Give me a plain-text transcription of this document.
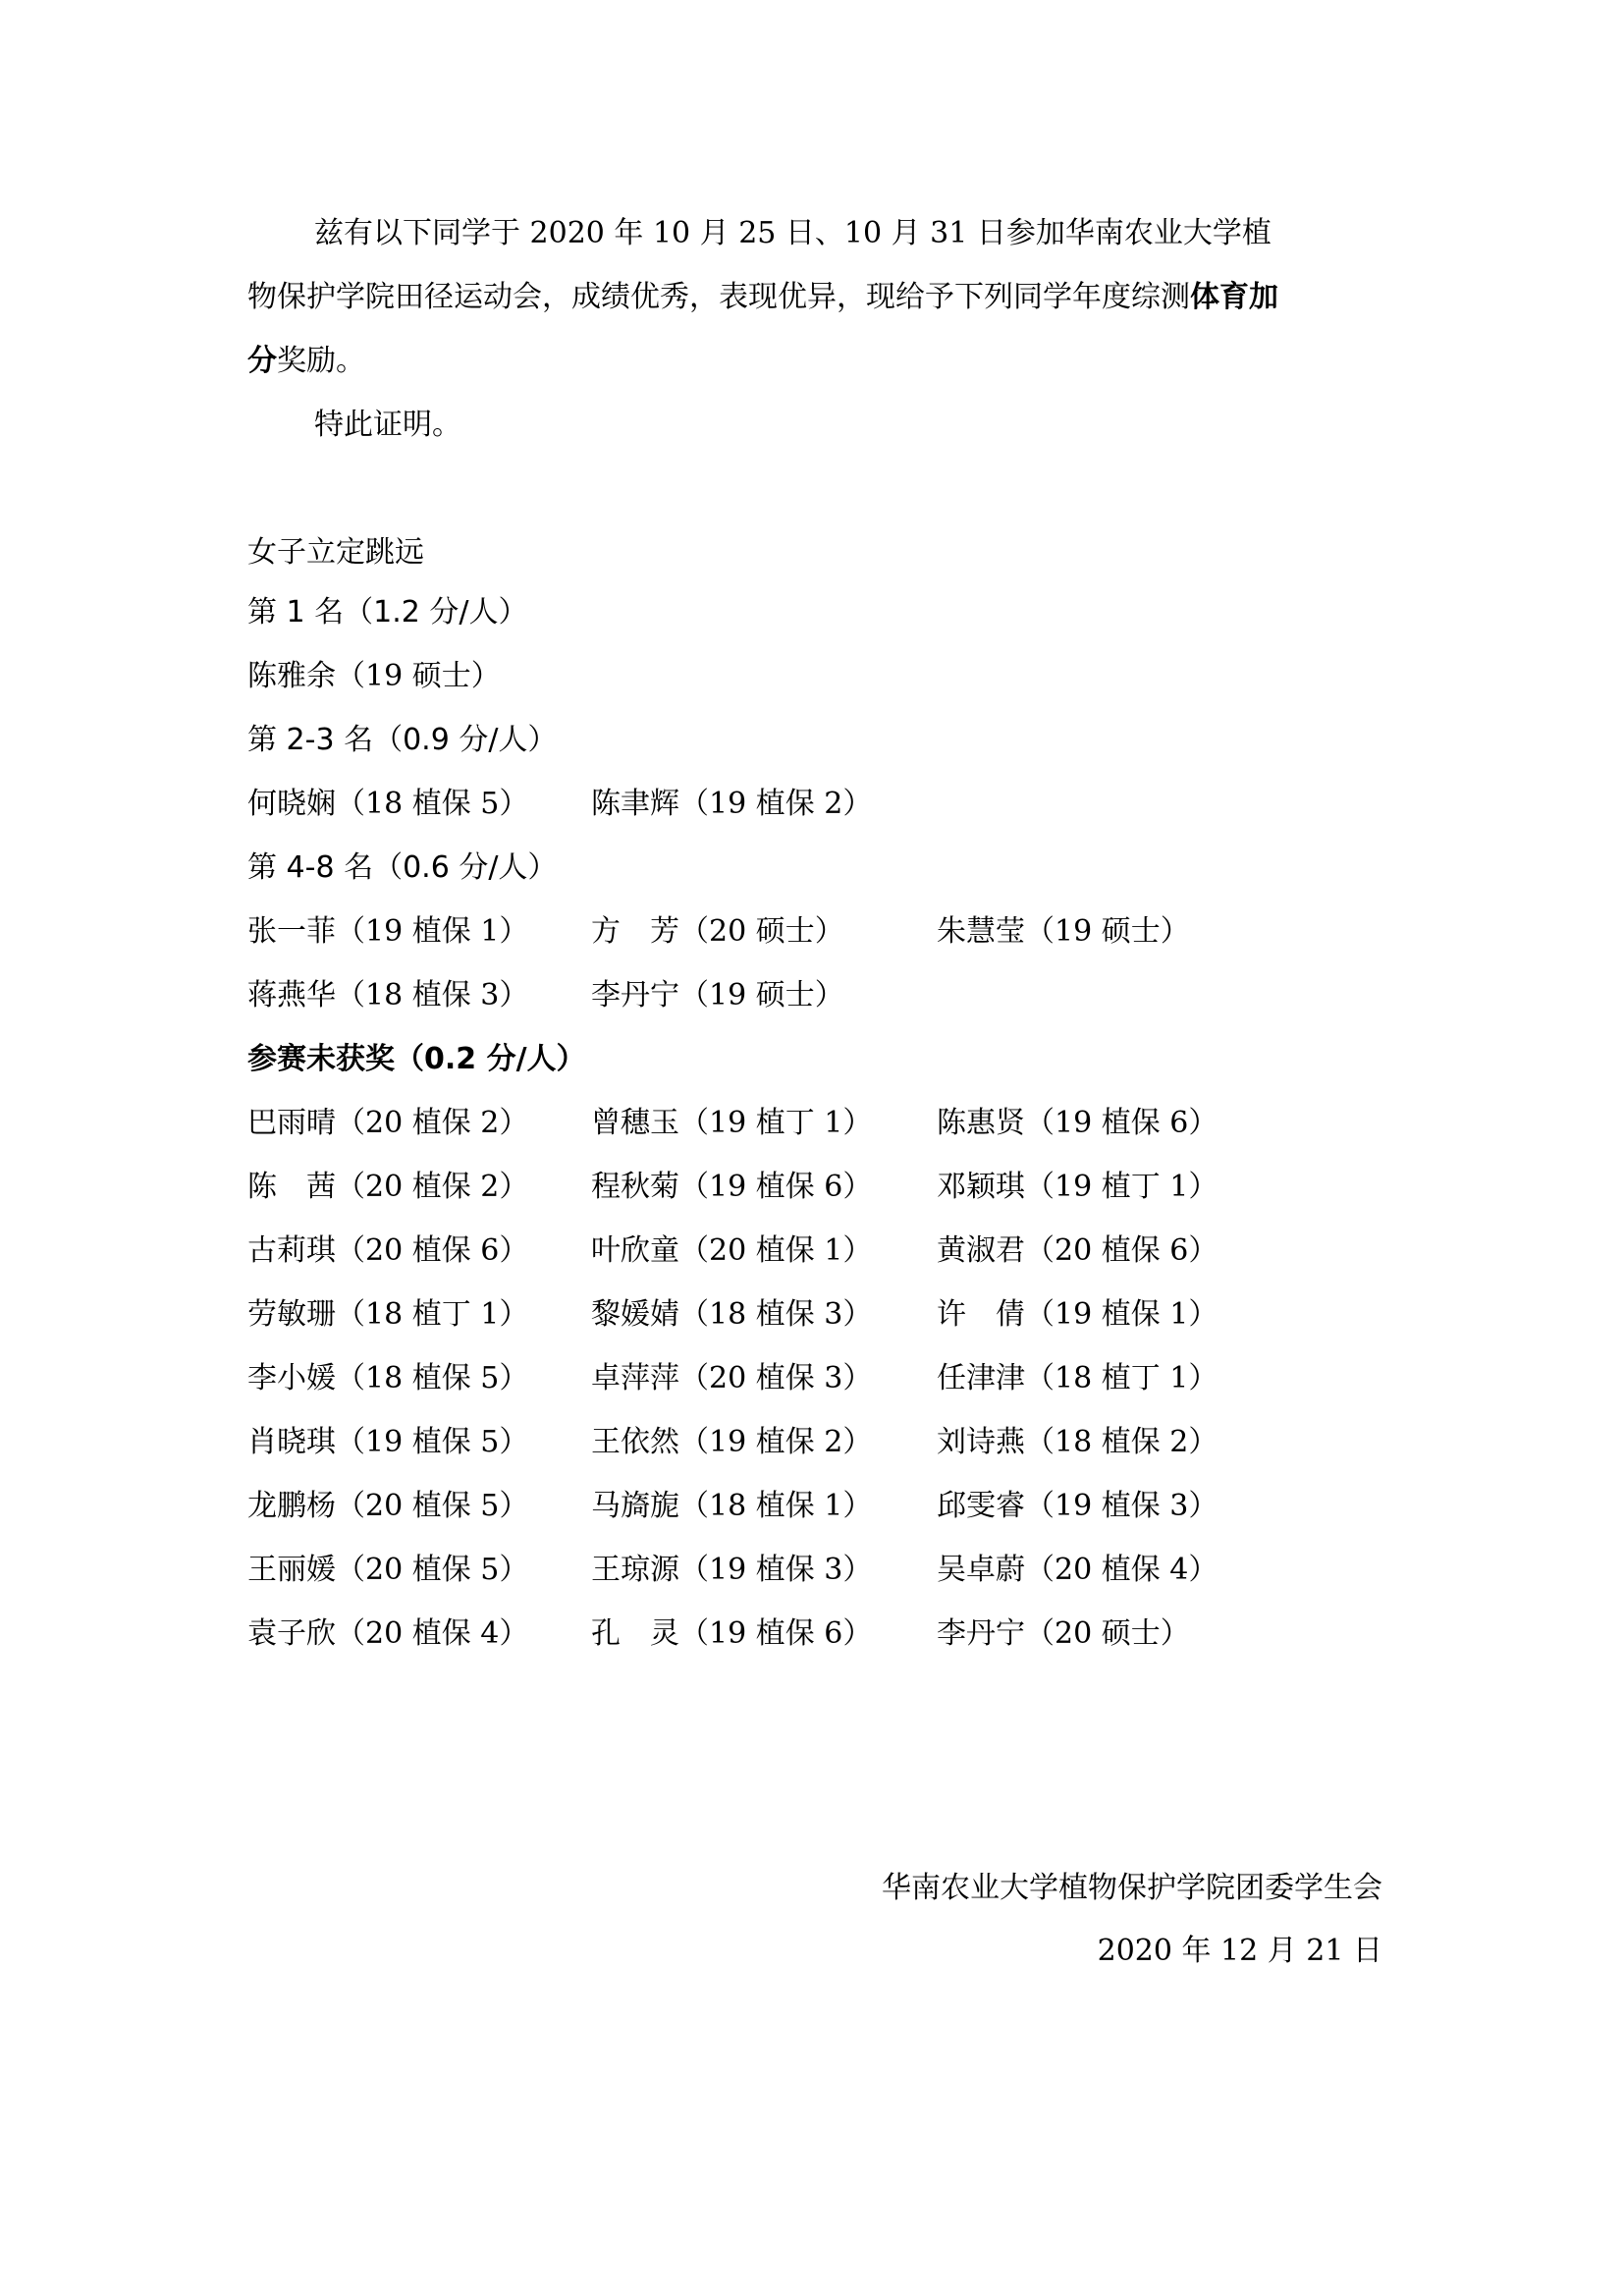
兹有以下同学于 2020 年 10 月 25 日、10 月 31 日参加华南农业大学植
物保护学院田径运动会，成绩优秀，表现优异，现给予下列同学年度综测体育加
分奖励。
特此证明。

女子立定跳远

第 1 名（1.2 分/人）
陈雅余（19 硕士）
第 2-3 名（0.9 分/人）
何晓娴（18 植保 5） 陈聿辉（19 植保 2）
第 4-8 名（0.6 分/人）
张一菲（19 植保 1） 方　芳（20 硕士）	朱慧莹（19 硕士）
蒋燕华（18 植保 3） 李丹宁（19 硕士）
参赛未获奖（0.2 分/人）
巴雨晴（20 植保 2） 曾穗玉（19 植丁 1） 陈惠贤（19 植保 6）
陈　茜（20 植保 2） 程秋菊（19 植保 6） 邓颖琪（19 植丁 1）
古莉琪（20 植保 6） 叶欣童（20 植保 1） 黄淑君（20 植保 6）
劳敏珊（18 植丁 1） 黎媛婧（18 植保 3） 许　倩（19 植保 1）
李小媛（18 植保 5） 卓萍萍（20 植保 3） 任津津（18 植丁 1）
肖晓琪（19 植保 5） 王依然（19 植保 2） 刘诗燕（18 植保 2）
龙鹏杨（20 植保 5） 马旖旎（18 植保 1） 邱雯睿（19 植保 3）
王丽媛（20 植保 5） 王琼源（19 植保 3） 吴卓蔚（20 植保 4）
袁子欣（20 植保 4） 孔　灵（19 植保 6） 李丹宁（20 硕士）

华南农业大学植物保护学院团委学生会

2020 年 12 月 21 日
